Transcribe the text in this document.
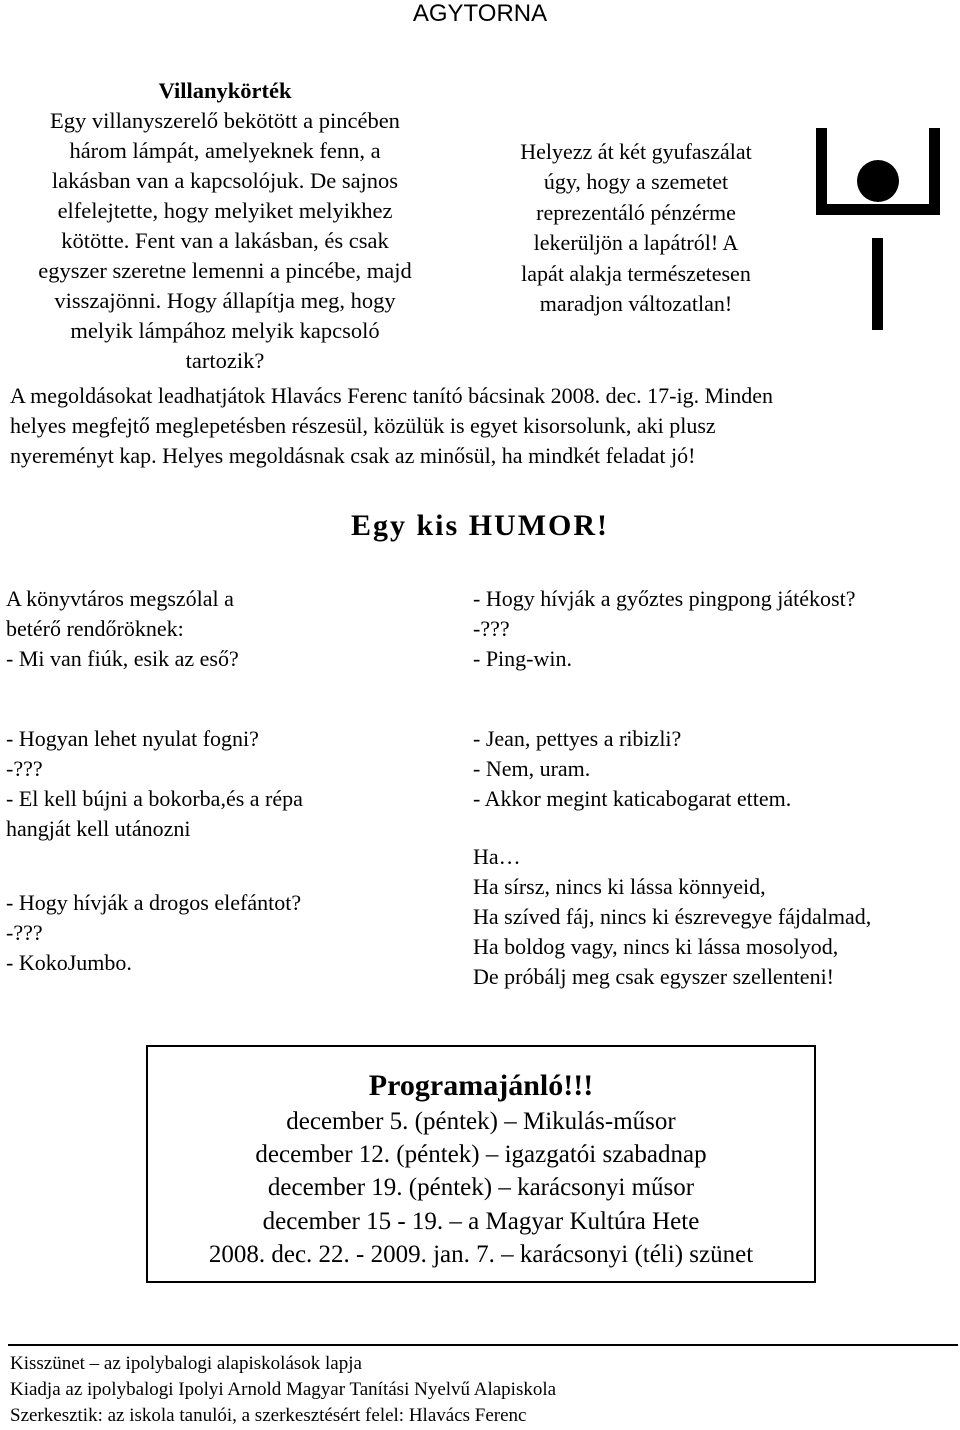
AGYTORNA
Villanykörték
Egy villanyszerelő bekötött a pincében
három lámpát, amelyeknek fenn, a
lakásban van a kapcsolójuk. De sajnos
elfelejtette, hogy melyiket melyikhez
kötötte. Fent van a lakásban, és csak
egyszer szeretne lemenni a pincébe, majd
visszajönni. Hogy állapítja meg, hogy
melyik lámpához melyik kapcsoló
tartozik?
Helyezz át két gyufaszálat
úgy, hogy a szemetet
reprezentáló pénzérme
lekerüljön a lapátról! A
lapát alakja természetesen
maradjon változatlan!
A megoldásokat leadhatjátok Hlavács Ferenc tanító bácsinak 2008. dec. 17-ig. Minden
helyes megfejtő meglepetésben részesül, közülük is egyet kisorsolunk, aki plusz
nyereményt kap. Helyes megoldásnak csak az minősül, ha mindkét feladat jó!
Egy kis HUMOR!
A könyvtáros megszólal a
betérő rendőröknek:
- Mi van fiúk, esik az eső?
- Hogy hívják a győztes pingpong játékost?
-???
- Ping-win.
- Hogyan lehet nyulat fogni?
-???
- El kell bújni a bokorba,és a répa
hangját kell utánozni
- Jean, pettyes a ribizli?
- Nem, uram.
- Akkor megint katicabogarat ettem.
- Hogy hívják a drogos elefántot?
-???
- KokoJumbo.
Ha…
Ha sírsz, nincs ki lássa könnyeid,
Ha szíved fáj, nincs ki észrevegye fájdalmad,
Ha boldog vagy, nincs ki lássa mosolyod,
De próbálj meg csak egyszer szellenteni!
Programajánló!!!
december 5. (péntek) – Mikulás-műsor
december 12. (péntek) – igazgatói szabadnap
december 19. (péntek) – karácsonyi műsor
december 15 - 19. – a Magyar Kultúra Hete
2008. dec. 22. - 2009. jan. 7. – karácsonyi (téli) szünet
Kisszünet – az ipolybalogi alapiskolások lapja
Kiadja az ipolybalogi Ipolyi Arnold Magyar Tanítási Nyelvű Alapiskola
Szerkesztik: az iskola tanulói, a szerkesztésért felel: Hlavács Ferenc
